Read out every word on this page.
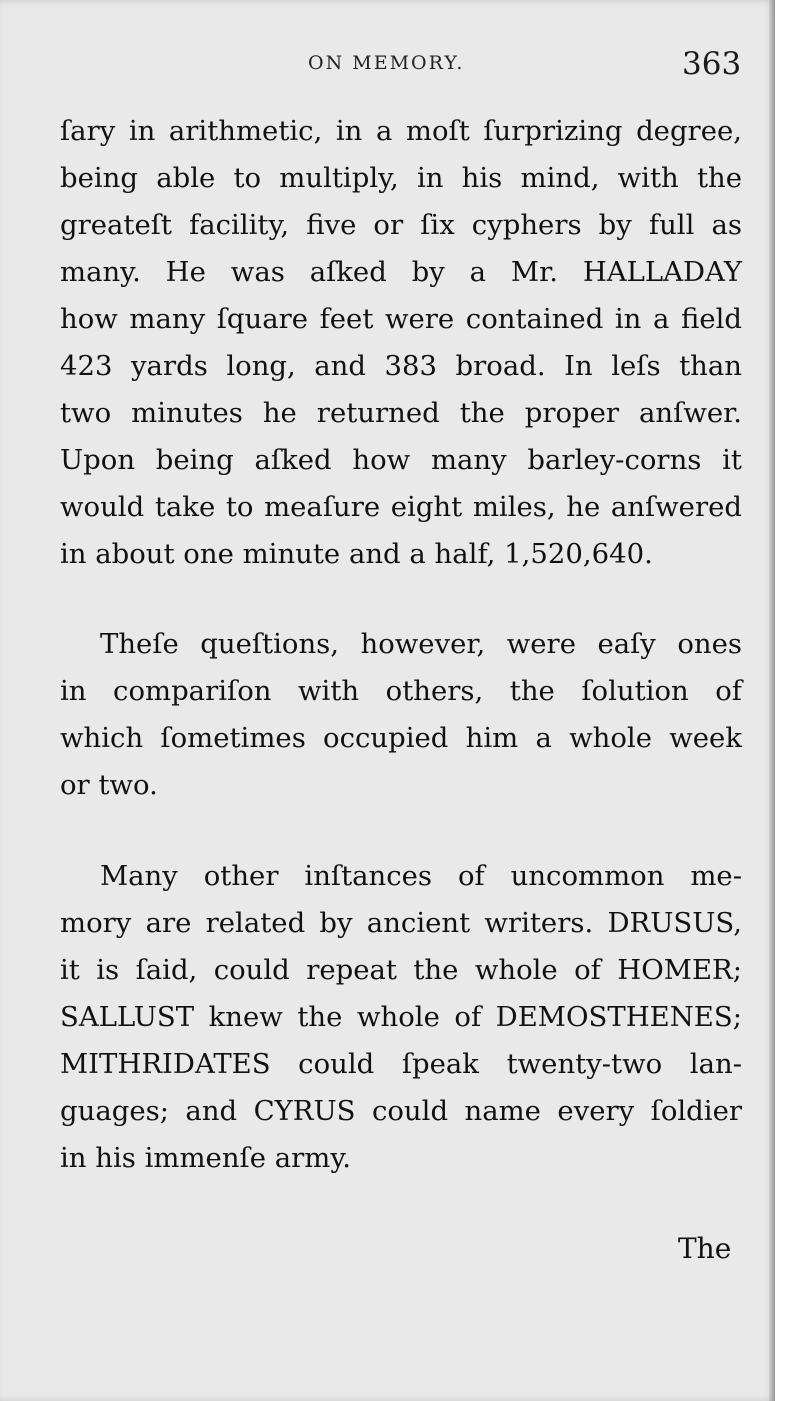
ON MEMORY.	363

ſary in arithmetic, in a moſt ſurprizing degree,
being able to multiply, in his mind, with the
greateſt facility, five or ſix cyphers by full as
many. He was aſked by a Mr. HALLADAY
how many ſquare feet were contained in a field
423 yards long, and 383 broad. In leſs than
two minutes he returned the proper anſwer.
Upon being aſked how many barley-corns it
would take to meaſure eight miles, he anſwered
in about one minute and a half, 1,520,640.
Theſe queſtions, however, were eaſy ones
in compariſon with others, the ſolution of
which ſometimes occupied him a whole week
or two.
Many other inſtances of uncommon me-
mory are related by ancient writers. DRUSUS,
it is ſaid, could repeat the whole of HOMER;
SALLUST knew the whole of DEMOSTHENES;
MITHRIDATES could ſpeak twenty-two lan-
guages; and CYRUS could name every ſoldier
in his immenſe army.
The
